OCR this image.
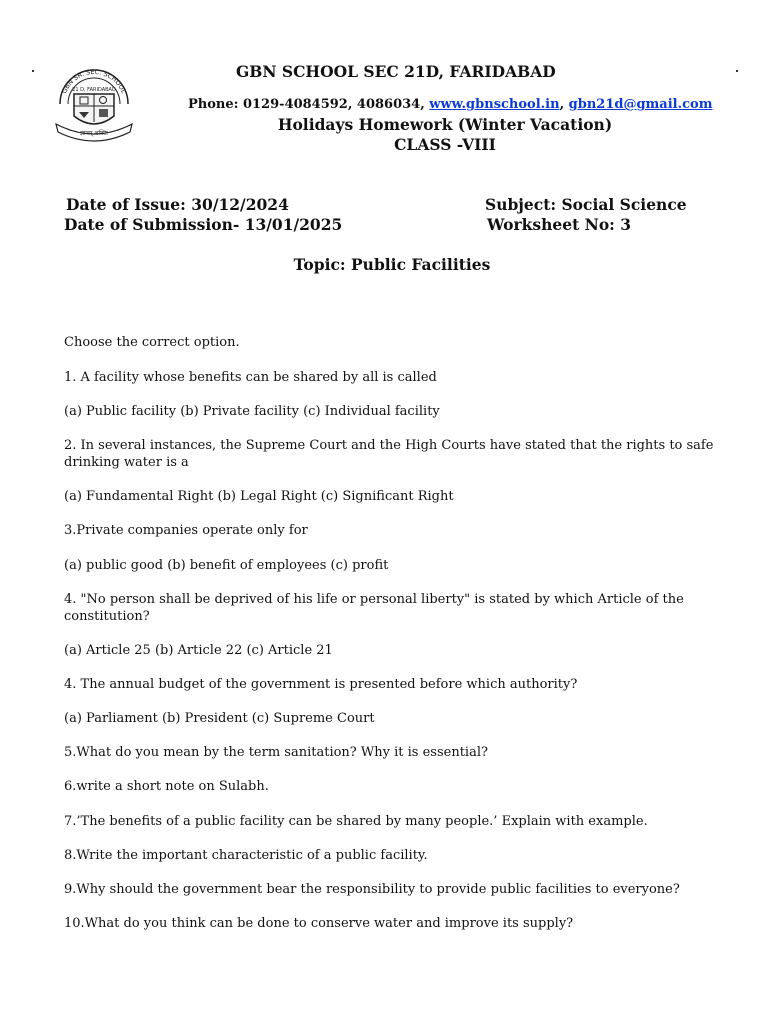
GBN SR. SEC. SCHOOL
21 D, FARIDABAD
ज्ञानम् शक्तिः
GBN SCHOOL SEC 21D, FARIDABAD
Phone: 0129-4084592, 4086034, www.gbnschool.in, gbn21d@gmail.com
Holidays Homework (Winter Vacation)
CLASS -VIII
Date of Issue: 30/12/2024
Date of Submission- 13/01/2025
Subject: Social Science
Worksheet No: 3
Topic: Public Facilities
Choose the correct option.
1. A facility whose benefits can be shared by all is called
(a) Public facility (b) Private facility (c) Individual facility
2. In several instances, the Supreme Court and the High Courts have stated that the rights to safe drinking water is a
(a) Fundamental Right (b) Legal Right (c) Significant Right
3.Private companies operate only for
(a) public good (b) benefit of employees (c) profit
4. "No person shall be deprived of his life or personal liberty" is stated by which Article of the constitution?
(a) Article 25 (b) Article 22 (c) Article 21
4. The annual budget of the government is presented before which authority?
(a) Parliament (b) President (c) Supreme Court
5.What do you mean by the term sanitation? Why it is essential?
6.write a short note on Sulabh.
7.’The benefits of a public facility can be shared by many people.’ Explain with example.
8.Write the important characteristic of a public facility.
9.Why should the government bear the responsibility to provide public facilities to everyone?
10.What do you think can be done to conserve water and improve its supply?
